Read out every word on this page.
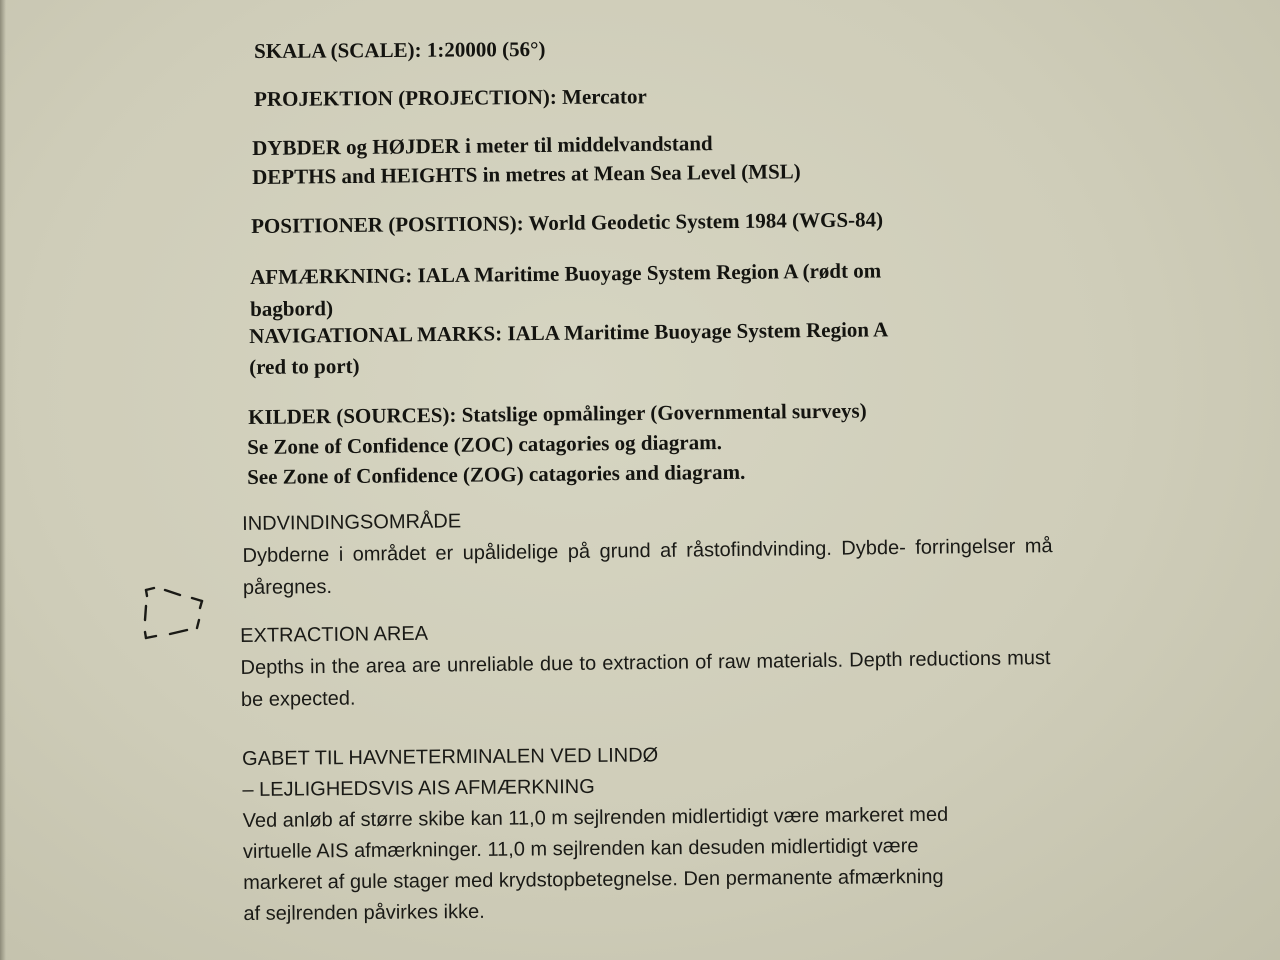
SKALA (SCALE): 1:20000 (56°)
PROJEKTION (PROJECTION): Mercator
DYBDER og HØJDER i meter til middelvandstand
DEPTHS and HEIGHTS in metres at Mean Sea Level (MSL)
POSITIONER (POSITIONS): World Geodetic System 1984 (WGS-84)
AFMÆRKNING: IALA Maritime Buoyage System Region A (rødt om
bagbord)
NAVIGATIONAL MARKS: IALA Maritime Buoyage System Region A
(red to port)
KILDER (SOURCES): Statslige opmålinger (Governmental surveys)
Se Zone of Confidence (ZOC) catagories og diagram.
See Zone of Confidence (ZOG) catagories and diagram.
INDVINDINGSOMRÅDE
Dybderne i området er upålidelige på grund af råstofindvinding. Dybde- forringelser må påregnes.
EXTRACTION AREA
Depths in the area are unreliable due to extraction of raw materials. Depth reductions must be expected.
GABET TIL HAVNETERMINALEN VED LINDØ
– LEJLIGHEDSVIS AIS AFMÆRKNING
Ved anløb af større skibe kan 11,0 m sejlrenden midlertidigt være markeret med
virtuelle AIS afmærkninger. 11,0 m sejlrenden kan desuden midlertidigt være
markeret af gule stager med krydstopbetegnelse. Den permanente afmærkning
af sejlrenden påvirkes ikke.
